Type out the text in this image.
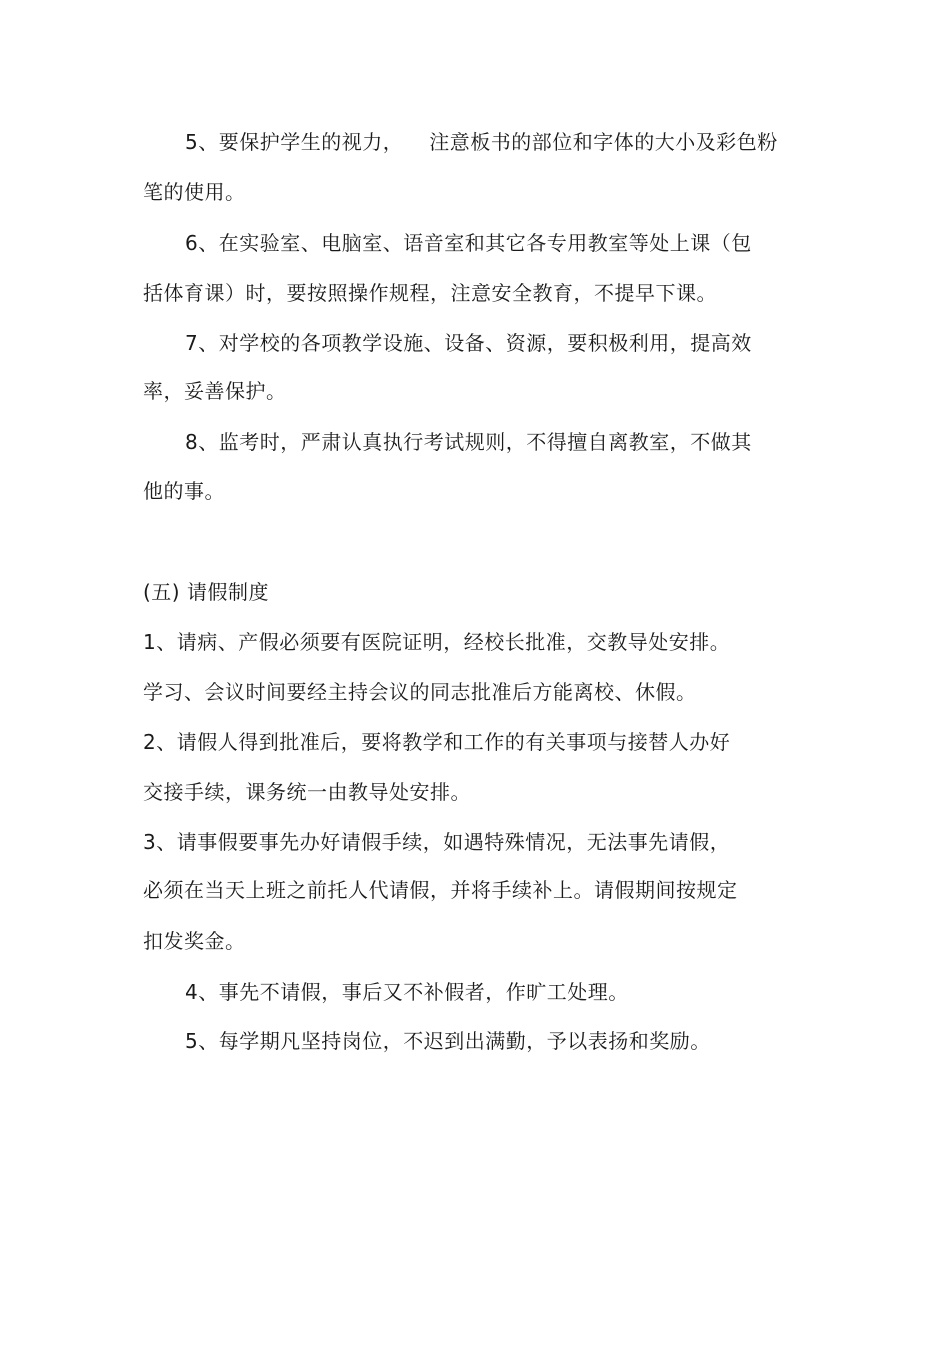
5、要保护学生的视力， 注意板书的部位和字体的大小及彩色粉
笔的使用。
6、在实验室、电脑室、语音室和其它各专用教室等处上课（包
括体育课）时，要按照操作规程，注意安全教育，不提早下课。
7、对学校的各项教学设施、设备、资源，要积极利用，提高效
率，妥善保护。
8、监考时，严肃认真执行考试规则，不得擅自离教室，不做其
他的事。
(五) 请假制度
1、请病、产假必须要有医院证明，经校长批准，交教导处安排。
学习、会议时间要经主持会议的同志批准后方能离校、休假。
2、请假人得到批准后，要将教学和工作的有关事项与接替人办好
交接手续，课务统一由教导处安排。
3、请事假要事先办好请假手续，如遇特殊情况，无法事先请假，
必须在当天上班之前托人代请假，并将手续补上。请假期间按规定
扣发奖金。
4、事先不请假，事后又不补假者，作旷工处理。
5、每学期凡坚持岗位，不迟到出满勤，予以表扬和奖励。
